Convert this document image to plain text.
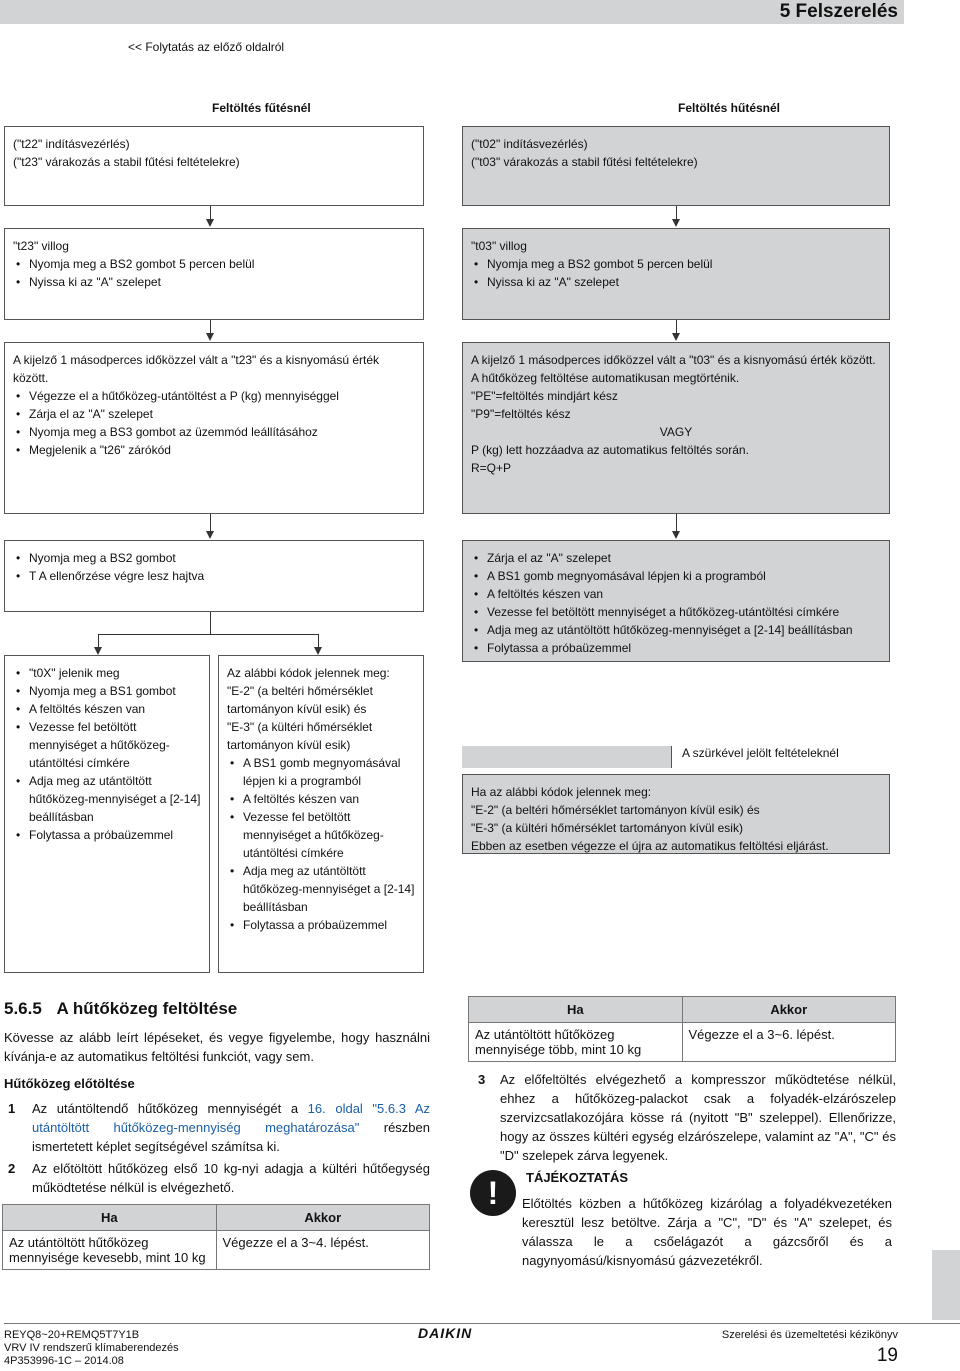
5 Felszerelés
<< Folytatás az előző oldalról
Feltöltés fűtésnél	Feltöltés hűtésnél
("t22" indításvezérlés)
("t23" várakozás a stabil fűtési feltételekre)
("t02" indításvezérlés)
("t03" várakozás a stabil fűtési feltételekre)
"t23" villog
• Nyomja meg a BS2 gombot 5 percen belül
• Nyissa ki az "A" szelepet
"t03" villog
• Nyomja meg a BS2 gombot 5 percen belül
• Nyissa ki az "A" szelepet
A kijelző 1 másodperces időközzel vált a "t23" és a kisnyomású érték között.
• Végezze el a hűtőközeg-utántöltést a P (kg) mennyiséggel
• Zárja el az "A" szelepet
• Nyomja meg a BS3 gombot az üzemmód leállításához
• Megjelenik a "t26" zárókód
A kijelző 1 másodperces időközzel vált a "t03" és a kisnyomású érték között.
A hűtőközeg feltöltése automatikusan megtörténik.
"PE"=feltöltés mindjárt kész
"P9"=feltöltés kész
VAGY
P (kg) lett hozzáadva az automatikus feltöltés során.
R=Q+P
• Nyomja meg a BS2 gombot
• T A ellenőrzése végre lesz hajtva
• Zárja el az "A" szelepet
• A BS1 gomb megnyomásával lépjen ki a programból
• A feltöltés készen van
• Vezesse fel betöltött mennyiséget a hűtőközeg-utántöltési címkére
• Adja meg az utántöltött hűtőközeg-mennyiséget a [2-14] beállításban
• Folytassa a próbaüzemmel
• "t0X" jelenik meg
• Nyomja meg a BS1 gombot
• A feltöltés készen van
• Vezesse fel betöltött mennyiséget a hűtőközeg-utántöltési címkére
• Adja meg az utántöltött hűtőközeg-mennyiséget a [2-14] beállításban
• Folytassa a próbaüzemmel
Az alábbi kódok jelennek meg:
"E-2" (a beltéri hőmérséklet tartományon kívül esik) és
"E-3" (a kültéri hőmérséklet tartományon kívül esik)
• A BS1 gomb megnyomásával lépjen ki a programból
• A feltöltés készen van
• Vezesse fel betöltött mennyiséget a hűtőközeg-utántöltési címkére
• Adja meg az utántöltött hűtőközeg-mennyiséget a [2-14] beállításban
• Folytassa a próbaüzemmel
A szürkével jelölt feltételeknél
Ha az alábbi kódok jelennek meg:
"E-2" (a beltéri hőmérséklet tartományon kívül esik) és
"E-3" (a kültéri hőmérséklet tartományon kívül esik)
Ebben az esetben végezze el újra az automatikus feltöltési eljárást.
5.6.5 A hűtőközeg feltöltése
Kövesse az alább leírt lépéseket, és vegye figyelembe, hogy használni kívánja-e az automatikus feltöltési funkciót, vagy sem.
Hűtőközeg előtöltése
1 Az utántöltendő hűtőközeg mennyiségét a 16. oldal "5.6.3 Az utántöltött hűtőközeg-mennyiség meghatározása" részben ismertetett képlet segítségével számítsa ki.
2 Az előtöltött hűtőközeg első 10 kg-nyi adagja a kültéri hűtőegység működtetése nélkül is elvégezhető.
Ha	Akkor
Az utántöltött hűtőközeg mennyisége kevesebb, mint 10 kg	Végezze el a 3~4. lépést.
Ha	Akkor
Az utántöltött hűtőközeg mennyisége több, mint 10 kg	Végezze el a 3~6. lépést.
3 Az előfeltöltés elvégezhető a kompresszor működtetése nélkül, ehhez a hűtőközeg-palackot csak a folyadék-elzárószelep szervizcsatlakozójára kösse rá (nyitott "B" szeleppel). Ellenőrizze, hogy az összes kültéri egység elzárószelepe, valamint az "A", "C" és "D" szelepek zárva legyenek.
!	TÁJÉKOZTATÁS
Előtöltés közben a hűtőközeg kizárólag a folyadékvezetéken keresztül lesz betöltve. Zárja a "C", "D" és "A" szelepet, és válassza le a csőelágazót a gázcsőről és a nagynyomású/kisnyomású gázvezetékről.
REYQ8~20+REMQ5T7Y1B
VRV IV rendszerű klímaberendezés
4P353996-1C – 2014.08
DAIKIN	Szerelési és üzemeltetési kézikönyv
19
